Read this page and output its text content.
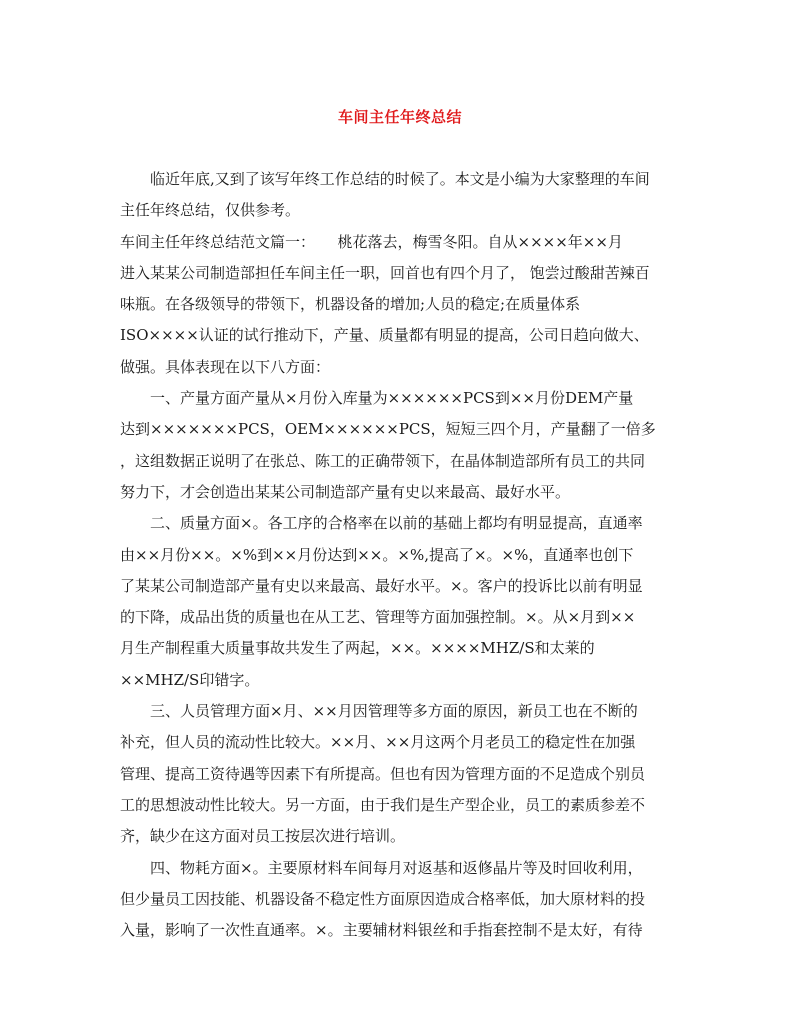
车间主任年终总结
　　临近年底,又到了该写年终工作总结的时候了。本文是小编为大家整理的车间
主任年终总结，仅供参考。
车间主任年终总结范文篇一：　　桃花落去，梅雪冬阳。自从××××年××月
进入某某公司制造部担任车间主任一职，回首也有四个月了， 饱尝过酸甜苦辣百
味瓶。在各级领导的带领下，机器设备的增加;人员的稳定;在质量体系
ISO××××认证的试行推动下，产量、质量都有明显的提高，公司日趋向做大、
做强。具体表现在以下八方面：
　　一、产量方面产量从×月份入库量为××××××PCS到××月份DEM产量
达到×××××××PCS，OEM××××××PCS，短短三四个月，产量翻了一倍多
，这组数据正说明了在张总、陈工的正确带领下，在晶体制造部所有员工的共同
努力下，才会创造出某某公司制造部产量有史以来最高、最好水平。
　　二、质量方面×。各工序的合格率在以前的基础上都均有明显提高，直通率
由××月份××。×%到××月份达到××。×%,提高了×。×%，直通率也创下
了某某公司制造部产量有史以来最高、最好水平。×。客户的投诉比以前有明显
的下降，成品出货的质量也在从工艺、管理等方面加强控制。×。从×月到××
月生产制程重大质量事故共发生了两起，××。××××MHZ/S和太莱的
××MHZ/S印错字。
　　三、人员管理方面×月、××月因管理等多方面的原因，新员工也在不断的
补充，但人员的流动性比较大。××月、××月这两个月老员工的稳定性在加强
管理、提高工资待遇等因素下有所提高。但也有因为管理方面的不足造成个别员
工的思想波动性比较大。另一方面，由于我们是生产型企业，员工的素质参差不
齐，缺少在这方面对员工按层次进行培训。
　　四、物耗方面×。主要原材料车间每月对返基和返修晶片等及时回收利用，
但少量员工因技能、机器设备不稳定性方面原因造成合格率低，加大原材料的投
入量，影响了一次性直通率。×。主要辅材料银丝和手指套控制不是太好，有待
